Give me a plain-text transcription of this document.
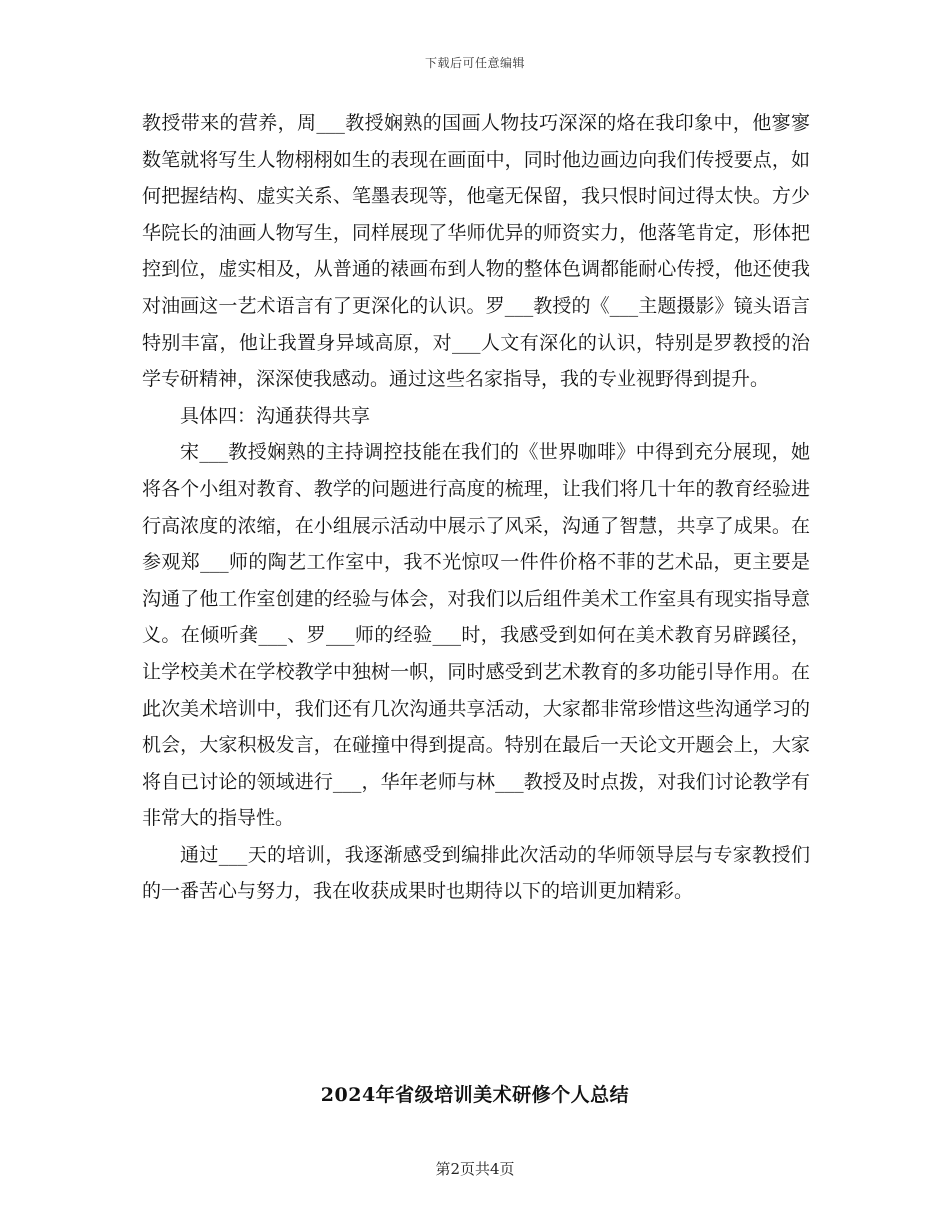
下载后可任意编辑

教授带来的营养，周___教授娴熟的国画人物技巧深深的烙在我印象中，他寥寥数笔就将写生人物栩栩如生的表现在画面中，同时他边画边向我们传授要点，如何把握结构、虚实关系、笔墨表现等，他毫无保留，我只恨时间过得太快。方少华院长的油画人物写生，同样展现了华师优异的师资实力，他落笔肯定，形体把控到位，虚实相及，从普通的裱画布到人物的整体色调都能耐心传授，他还使我对油画这一艺术语言有了更深化的认识。罗___教授的《___主题摄影》镜头语言特别丰富，他让我置身异域高原，对___人文有深化的认识，特别是罗教授的治学专研精神，深深使我感动。通过这些名家指导，我的专业视野得到提升。

具体四：沟通获得共享

宋___教授娴熟的主持调控技能在我们的《世界咖啡》中得到充分展现，她将各个小组对教育、教学的问题进行高度的梳理，让我们将几十年的教育经验进行高浓度的浓缩，在小组展示活动中展示了风采，沟通了智慧，共享了成果。在参观郑___师的陶艺工作室中，我不光惊叹一件件价格不菲的艺术品，更主要是沟通了他工作室创建的经验与体会，对我们以后组件美术工作室具有现实指导意义。在倾听龚___、罗___师的经验___时，我感受到如何在美术教育另辟蹊径，让学校美术在学校教学中独树一帜，同时感受到艺术教育的多功能引导作用。在此次美术培训中，我们还有几次沟通共享活动，大家都非常珍惜这些沟通学习的机会，大家积极发言，在碰撞中得到提高。特别在最后一天论文开题会上，大家将自已讨论的领域进行___，华年老师与林___教授及时点拨，对我们讨论教学有非常大的指导性。

通过___天的培训，我逐渐感受到编排此次活动的华师领导层与专家教授们的一番苦心与努力，我在收获成果时也期待以下的培训更加精彩。

2024年省级培训美术研修个人总结
第2页共4页
